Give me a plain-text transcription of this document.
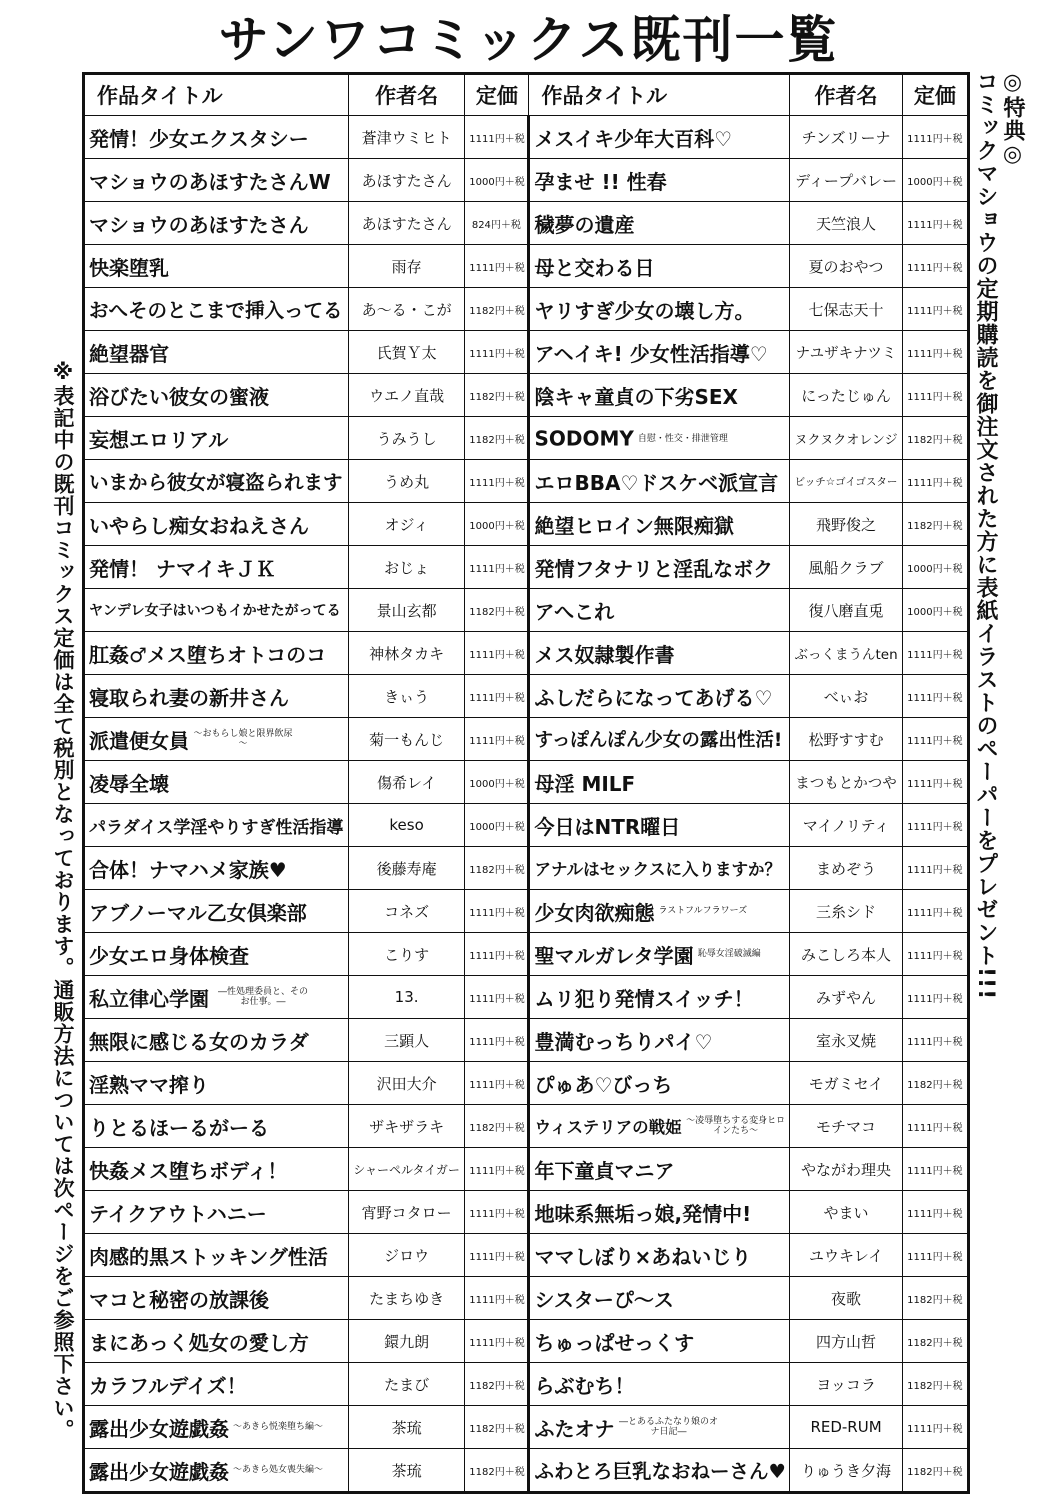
サンワコミックス既刊一覧
※表記中の既刊コミックス定価は全て税別となっております。通販方法については次ページをご参照下さい。
◎特典◎
コミックマショウの定期購読を御注文された方に表紙イラストのペーパーをプレゼント!!!
作品タイトル	作者名	定価	作品タイトル	作者名	定価
発情！少女エクスタシー	蒼津ウミヒト	1111円＋税	メスイキ少年大百科♡	チンズリーナ	1111円＋税
マショウのあほすたさんW	あほすたさん	1000円＋税	孕ませ !! 性春	ディープバレー	1000円＋税
マショウのあほすたさん	あほすたさん	824円＋税	穢夢の遺産	天竺浪人	1111円＋税
快楽堕乳	雨存	1111円＋税	母と交わる日	夏のおやつ	1111円＋税
おへそのとこまで挿入ってる	あ～る・こが	1182円＋税	ヤリすぎ少女の壊し方。	七保志天十	1111円＋税
絶望器官	氏賀Ｙ太	1111円＋税	アヘイキ! 少女性活指導♡	ナユザキナツミ	1111円＋税
浴びたい彼女の蜜液	ウエノ直哉	1182円＋税	陰キャ童貞の下劣SEX	にったじゅん	1111円＋税
妄想エロリアル	うみうし	1182円＋税	SODOMY 自慰・性交・排泄管理	ヌクヌクオレンジ	1182円＋税
いまから彼女が寝盗られます	うめ丸	1111円＋税	エロBBA♡ドスケベ派宣言	ビッチ☆ゴイゴスター	1111円＋税
いやらし痴女おねえさん	オジィ	1000円＋税	絶望ヒロイン無限痴獄	飛野俊之	1182円＋税
発情！ ナマイキＪＫ	おじょ	1111円＋税	発情フタナリと淫乱なボク	風船クラブ	1000円＋税
ヤンデレ女子はいつもイかせたがってる	景山玄都	1182円＋税	アへこれ	復八磨直兎	1000円＋税
肛姦♂メス堕ちオトコのコ	神林タカキ	1111円＋税	メス奴隷製作書	ぶっくまうんten	1111円＋税
寝取られ妻の新井さん	きぃう	1111円＋税	ふしだらになってあげる♡	べぃお	1111円＋税
派遣便女員 ～おもらし娘と限界飲尿～	菊一もんじ	1111円＋税	すっぽんぽん少女の露出性活!	松野すすむ	1111円＋税
凌辱全壊	傷希レイ	1000円＋税	母淫 MILF	まつもとかつや	1111円＋税
パラダイス学淫やりすぎ性活指導	keso	1000円＋税	今日はNTR曜日	マイノリティ	1111円＋税
合体！ナマハメ家族♥	後藤寿庵	1182円＋税	アナルはセックスに入りますか？	まめぞう	1111円＋税
アブノーマル乙女倶楽部	コネズ	1111円＋税	少女肉欲痴態 ラストフルフラワーズ	三糸シド	1111円＋税
少女エロ身体検査	こりす	1111円＋税	聖マルガレタ学園 恥辱女淫破滅編	みこしろ本人	1111円＋税
私立律心学園 ―性処理委員と、その お仕事。―	13.	1111円＋税	ムリ犯り発情スイッチ！	みずやん	1111円＋税
無限に感じる女のカラダ	三顕人	1111円＋税	豊満むっちりパイ♡	室永叉焼	1111円＋税
淫熟ママ搾り	沢田大介	1111円＋税	ぴゅあ♡びっち	モガミセイ	1182円＋税
りとるほーるがーる	ザキザラキ	1182円＋税	ウィステリアの戦姫 ～凌辱堕ちする変身ヒロインたち～	モチマコ	1111円＋税
快姦メス堕ちボディ！	シャーペルタイガー	1111円＋税	年下童貞マニア	やながわ理央	1111円＋税
テイクアウトハニー	宵野コタロー	1111円＋税	地味系無垢っ娘,発情中!	やまい	1111円＋税
肉感的黒ストッキング性活	ジロウ	1111円＋税	ママしぼり×あねいじり	ユウキレイ	1111円＋税
マコと秘密の放課後	たまちゆき	1111円＋税	シスターぴ～ス	夜歌	1182円＋税
まにあっく処女の愛し方	鐶九朗	1111円＋税	ちゅっぱせっくす	四方山哲	1182円＋税
カラフルデイズ！	たまび	1182円＋税	らぶむち！	ヨッコラ	1182円＋税
露出少女遊戯姦 ～あきら悦楽堕ち編～	茶琉	1182円＋税	ふたオナ ―とあるふたなり娘のオナ日記―	RED-RUM	1111円＋税
露出少女遊戯姦 ～あきら処女喪失編～	茶琉	1182円＋税	ふわとろ巨乳なおねーさん♥	りゅうき夕海	1182円＋税
